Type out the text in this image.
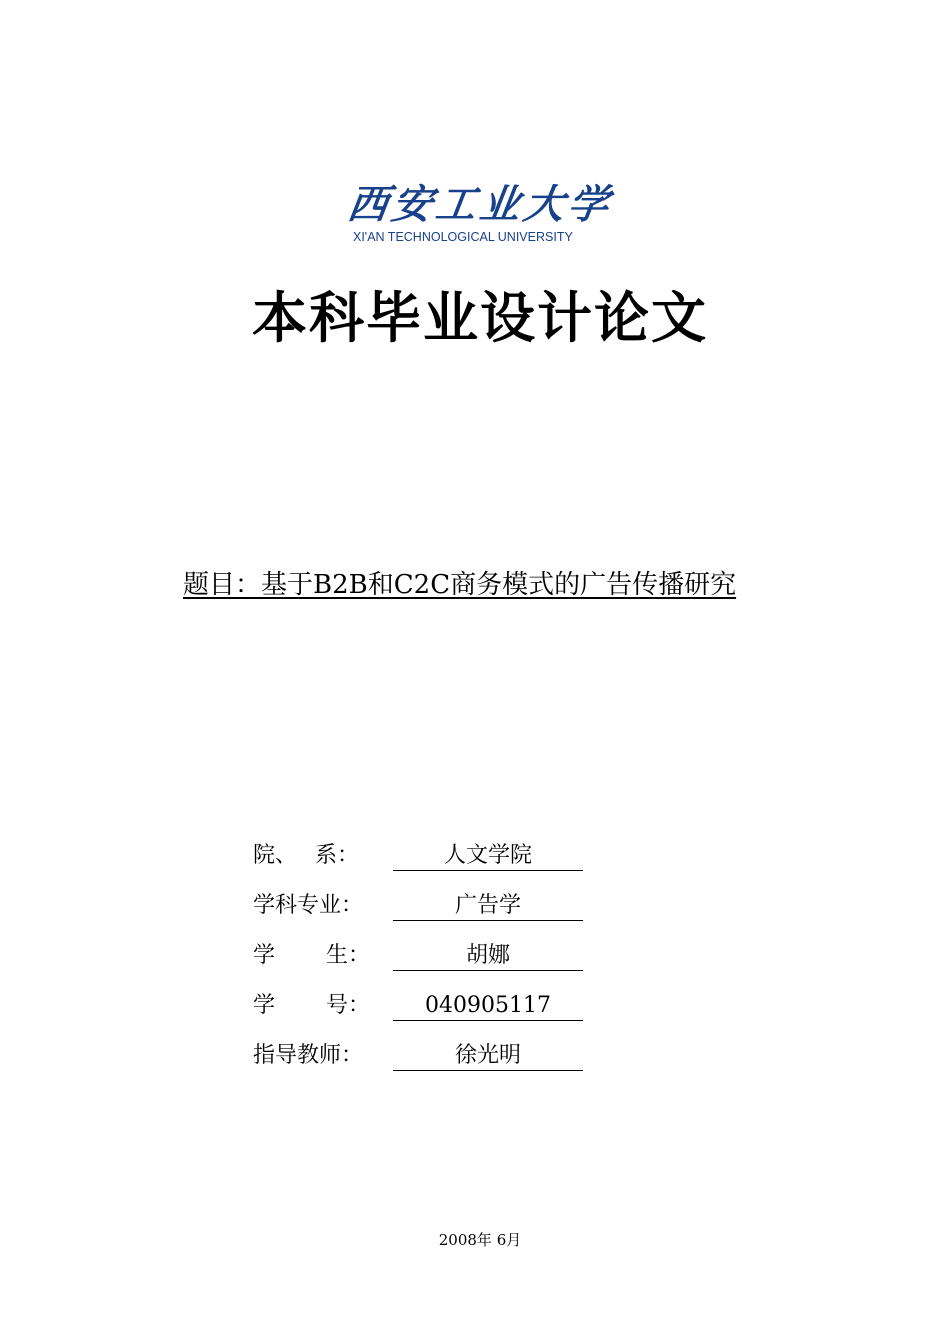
西安工业大学
XI'AN TECHNOLOGICAL UNIVERSITY
本科毕业设计论文
题目：基于B2B和C2C商务模式的广告传播研究
院、　 系：	人文学院
学科专业：	广告学
学　　 生：	胡娜
学　　 号：	040905117
指导教师：	徐光明
2008年 6月
